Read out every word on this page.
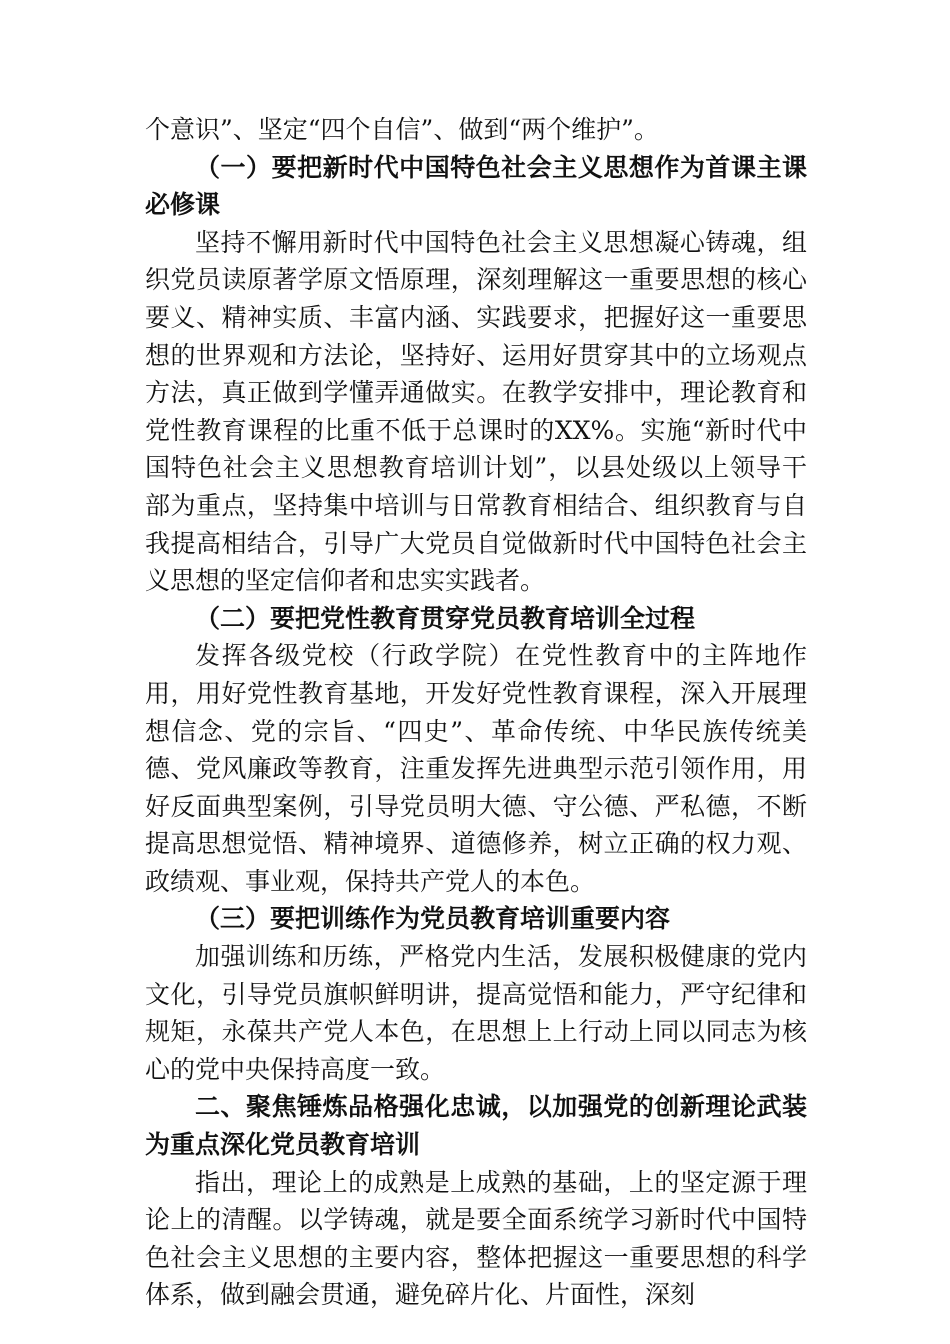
个意识”、坚定“四个自信”、做到“两个维护”。

（一）要把新时代中国特色社会主义思想作为首课主课必修课

坚持不懈用新时代中国特色社会主义思想凝心铸魂，组织党员读原著学原文悟原理，深刻理解这一重要思想的核心要义、精神实质、丰富内涵、实践要求，把握好这一重要思想的世界观和方法论，坚持好、运用好贯穿其中的立场观点方法，真正做到学懂弄通做实。在教学安排中，理论教育和党性教育课程的比重不低于总课时的XX%。实施“新时代中国特色社会主义思想教育培训计划”，以县处级以上领导干部为重点，坚持集中培训与日常教育相结合、组织教育与自我提高相结合，引导广大党员自觉做新时代中国特色社会主义思想的坚定信仰者和忠实实践者。

（二）要把党性教育贯穿党员教育培训全过程

发挥各级党校（行政学院）在党性教育中的主阵地作用，用好党性教育基地，开发好党性教育课程，深入开展理想信念、党的宗旨、“四史”、革命传统、中华民族传统美德、党风廉政等教育，注重发挥先进典型示范引领作用，用好反面典型案例，引导党员明大德、守公德、严私德，不断提高思想觉悟、精神境界、道德修养，树立正确的权力观、政绩观、事业观，保持共产党人的本色。

（三）要把训练作为党员教育培训重要内容

加强训练和历练，严格党内生活，发展积极健康的党内文化，引导党员旗帜鲜明讲，提高觉悟和能力，严守纪律和规矩，永葆共产党人本色，在思想上上行动上同以同志为核心的党中央保持高度一致。

二、聚焦锤炼品格强化忠诚，以加强党的创新理论武装为重点深化党员教育培训

指出，理论上的成熟是上成熟的基础，上的坚定源于理论上的清醒。以学铸魂，就是要全面系统学习新时代中国特色社会主义思想的主要内容，整体把握这一重要思想的科学体系，做到融会贯通，避免碎片化、片面性，深刻
